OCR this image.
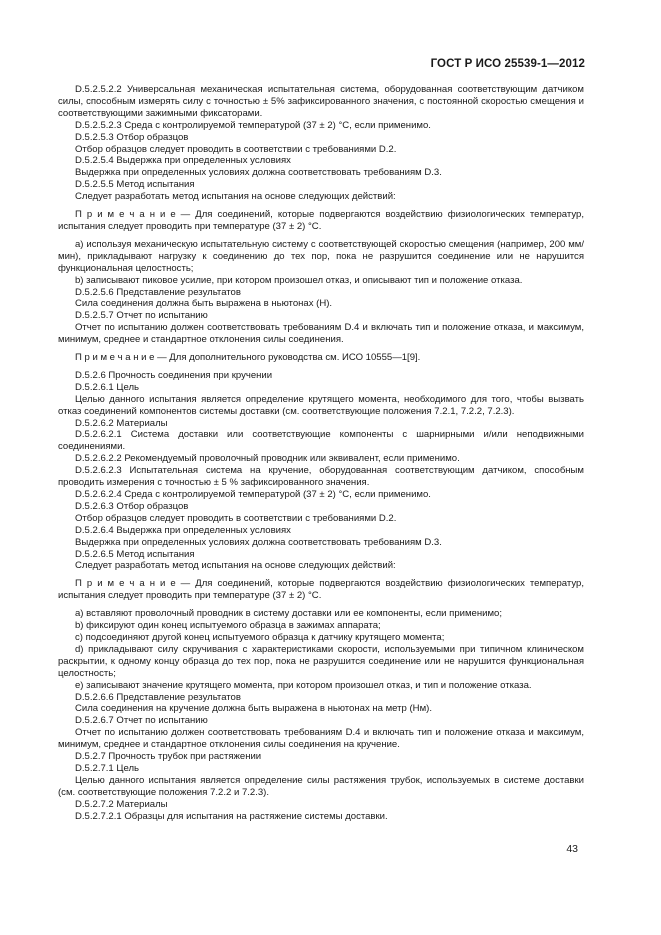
ГОСТ Р ИСО 25539-1—2012

D.5.2.5.2.2 Универсальная механическая испытательная система, оборудованная соответствующим датчиком силы, способным измерять силу с точностью ± 5% зафиксированного значения, с постоянной скоростью смещения и соответствующими зажимными фиксаторами.

D.5.2.5.2.3 Среда с контролируемой температурой (37 ± 2) °С, если применимо.

D.5.2.5.3 Отбор образцов

Отбор образцов следует проводить в соответствии с требованиями D.2.

D.5.2.5.4 Выдержка при определенных условиях

Выдержка при определенных условиях должна соответствовать требованиям D.3.

D.5.2.5.5 Метод испытания

Следует разработать метод испытания на основе следующих действий:

П р и м е ч а н и е — Для соединений, которые подвергаются воздействию физиологических температур, испытания следует проводить при температуре (37 ± 2) °С.

а) используя механическую испытательную систему с соответствующей скоростью смещения (например, 200 мм/мин), прикладывают нагрузку к соединению до тех пор, пока не разрушится соединение или не нарушится функциональная целостность;

b) записывают пиковое усилие, при котором произошел отказ, и описывают тип и положение отказа.

D.5.2.5.6 Представление результатов

Сила соединения должна быть выражена в ньютонах (Н).

D.5.2.5.7 Отчет по испытанию

Отчет по испытанию должен соответствовать требованиям D.4 и включать тип и положение отказа, и максимум, минимум, среднее и стандартное отклонения силы соединения.

П р и м е ч а н и е — Для дополнительного руководства см. ИСО 10555—1[9].

D.5.2.6 Прочность соединения при кручении

D.5.2.6.1 Цель

Целью данного испытания является определение крутящего момента, необходимого для того, чтобы вызвать отказ соединений компонентов системы доставки (см. соответствующие положения 7.2.1, 7.2.2, 7.2.3).

D.5.2.6.2 Материалы

D.5.2.6.2.1 Система доставки или соответствующие компоненты с шарнирными и/или неподвижными соединениями.

D.5.2.6.2.2 Рекомендуемый проволочный проводник или эквивалент, если применимо.

D.5.2.6.2.3 Испытательная система на кручение, оборудованная соответствующим датчиком, способным проводить измерения с точностью ± 5 % зафиксированного значения.

D.5.2.6.2.4 Среда с контролируемой температурой (37 ± 2) °С, если применимо.

D.5.2.6.3 Отбор образцов

Отбор образцов следует проводить в соответствии с требованиями D.2.

D.5.2.6.4 Выдержка при определенных условиях

Выдержка при определенных условиях должна соответствовать требованиям D.3.

D.5.2.6.5 Метод испытания

Следует разработать метод испытания на основе следующих действий:

П р и м е ч а н и е — Для соединений, которые подвергаются воздействию физиологических температур, испытания следует проводить при температуре (37 ± 2) °С.

а) вставляют проволочный проводник в систему доставки или ее компоненты, если применимо;

b) фиксируют один конец испытуемого образца в зажимах аппарата;

c) подсоединяют другой конец испытуемого образца к датчику крутящего момента;

d) прикладывают силу скручивания с характеристиками скорости, используемыми при типичном клиническом раскрытии, к одному концу образца до тех пор, пока не разрушится соединение или не нарушится функциональная целостность;

е) записывают значение крутящего момента, при котором произошел отказ, и тип и положение отказа.

D.5.2.6.6 Представление результатов

Сила соединения на кручение должна быть выражена в ньютонах на метр (Нм).

D.5.2.6.7 Отчет по испытанию

Отчет по испытанию должен соответствовать требованиям D.4 и включать тип и положение отказа и максимум, минимум, среднее и стандартное отклонения силы соединения на кручение.

D.5.2.7 Прочность трубок при растяжении

D.5.2.7.1 Цель

Целью данного испытания является определение силы растяжения трубок, используемых в системе доставки (см. соответствующие положения 7.2.2 и 7.2.3).

D.5.2.7.2 Материалы

D.5.2.7.2.1 Образцы для испытания на растяжение системы доставки.

43
